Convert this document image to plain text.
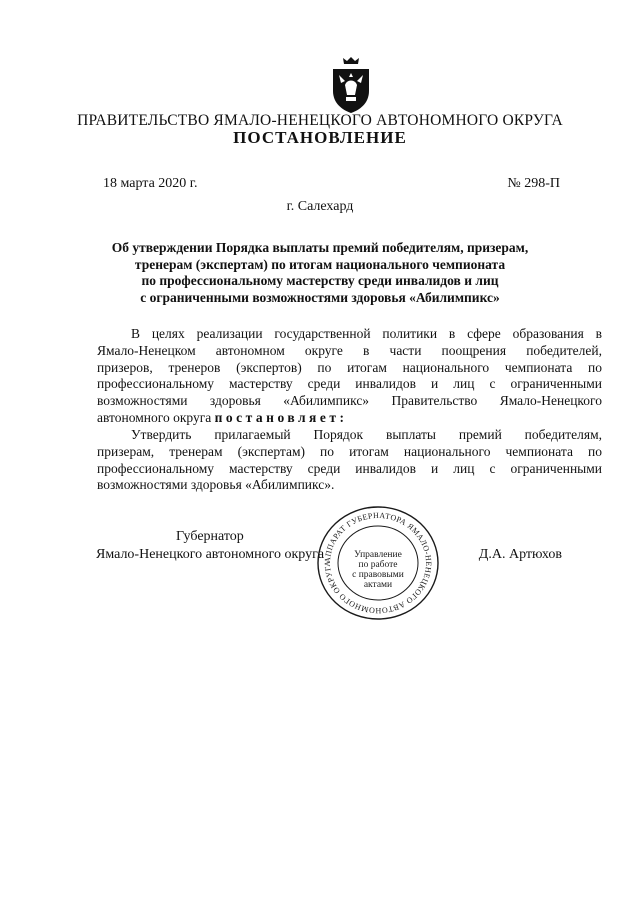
ПРАВИТЕЛЬСТВО ЯМАЛО-НЕНЕЦКОГО АВТОНОМНОГО ОКРУГА
ПОСТАНОВЛЕНИЕ
18 марта 2020 г.	№ 298-П
г. Салехард
Об утверждении Порядка выплаты премий победителям, призерам,
тренерам (экспертам) по итогам национального чемпионата
по профессиональному мастерству среди инвалидов и лиц
с ограниченными возможностями здоровья «Абилимпикс»
В целях реализации государственной политики в сфере образования в
Ямало-Ненецком автономном округе в части поощрения победителей,
призеров, тренеров (экспертов) по итогам национального чемпионата по
профессиональному мастерству среди инвалидов и лиц с ограниченными
возможностями здоровья «Абилимпикс» Правительство Ямало-Ненецкого
автономного округа постановляет:
Утвердить прилагаемый Порядок выплаты премий победителям,
призерам, тренерам (экспертам) по итогам национального чемпионата по
профессиональному мастерству среди инвалидов и лиц с ограниченными
возможностями здоровья «Абилимпикс».
Губернатор
Ямало-Ненецкого автономного округа	Д.А. Артюхов
АППАРАТ ГУБЕРНАТОРА ЯМАЛО-НЕНЕЦКОГО АВТОНОМНОГО ОКРУГА
Управление
по работе
с правовыми
актами
